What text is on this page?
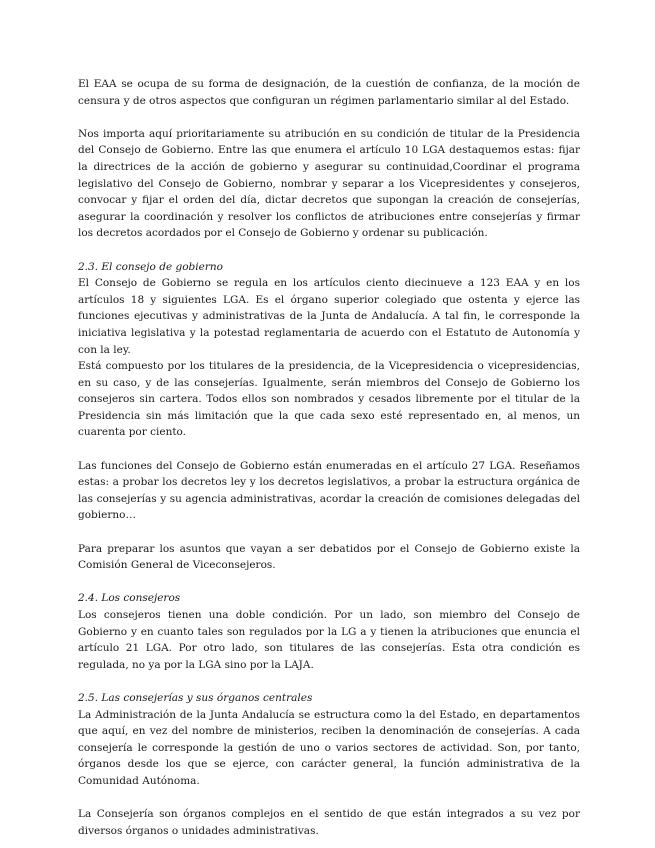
El EAA se ocupa de su forma de designación, de la cuestión de confianza, de la moción de censura y de otros aspectos que configuran un régimen parlamentario similar al del Estado.

Nos importa aquí prioritariamente su atribución en su condición de titular de la Presidencia del Consejo de Gobierno. Entre las que enumera el artículo 10 LGA destaquemos estas: fijar la directrices de la acción de gobierno y asegurar su continuidad,Coordinar el programa legislativo del Consejo de Gobierno, nombrar y separar a los Vicepresidentes y consejeros, convocar y fijar el orden del día, dictar decretos que supongan la creación de consejerías, asegurar la coordinación y resolver los conflictos de atribuciones entre consejerías y firmar los decretos acordados por el Consejo de Gobierno y ordenar su publicación.

2.3. El consejo de gobierno

El Consejo de Gobierno se regula en los artículos ciento diecinueve a 123 EAA y en los artículos 18 y siguientes LGA. Es el órgano superior colegiado que ostenta y ejerce las funciones ejecutivas y administrativas de la Junta de Andalucía. A tal fin, le corresponde la iniciativa legislativa y la potestad reglamentaria de acuerdo con el Estatuto de Autonomía y con la ley.

Está compuesto por los titulares de la presidencia, de la Vicepresidencia o vicepresidencias, en su caso, y de las consejerías. Igualmente, serán miembros del Consejo de Gobierno los consejeros sin cartera. Todos ellos son nombrados y cesados libremente por el titular de la Presidencia sin más limitación que la que cada sexo esté representado en, al menos, un cuarenta por ciento.

Las funciones del Consejo de Gobierno están enumeradas en el artículo 27 LGA. Reseñamos estas: a probar los decretos ley y los decretos legislativos, a probar la estructura orgánica de las consejerías y su agencia administrativas, acordar la creación de comisiones delegadas del gobierno…

Para preparar los asuntos que vayan a ser debatidos por el Consejo de Gobierno existe la Comisión General de Viceconsejeros.

2.4. Los consejeros

Los consejeros tienen una doble condición. Por un lado, son miembro del Consejo de Gobierno y en cuanto tales son regulados por la LG a y tienen la atribuciones que enuncia el artículo 21 LGA. Por otro lado, son titulares de las consejerías. Esta otra condición es regulada, no ya por la LGA sino por la LAJA.

2.5. Las consejerías y sus órganos centrales

La Administración de la Junta Andalucía se estructura como la del Estado, en departamentos que aquí, en vez del nombre de ministerios, reciben la denominación de consejerías. A cada consejería le corresponde la gestión de uno o varios sectores de actividad. Son, por tanto, órganos desde los que se ejerce, con carácter general, la función administrativa de la Comunidad Autónoma.

La Consejería son órganos complejos en el sentido de que están integrados a su vez por diversos órganos o unidades administrativas.
